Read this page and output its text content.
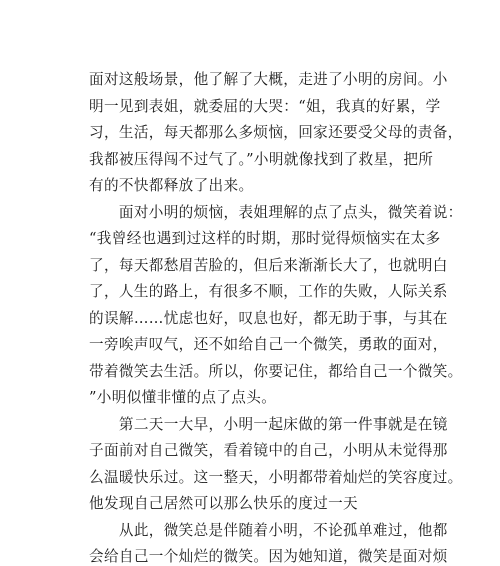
面对这般场景，他了解了大概，走进了小明的房间。小
明一见到表姐，就委屈的大哭：“姐，我真的好累，学
习，生活，每天都那么多烦恼，回家还要受父母的责备，
我都被压得闯不过气了。”小明就像找到了救星，把所
有的不快都释放了出来。
　　面对小明的烦恼，表姐理解的点了点头，微笑着说：
“我曾经也遇到过这样的时期，那时觉得烦恼实在太多
了，每天都愁眉苦脸的，但后来渐渐长大了，也就明白
了，人生的路上，有很多不顺，工作的失败，人际关系
的误解……忧虑也好，叹息也好，都无助于事，与其在
一旁唉声叹气，还不如给自己一个微笑，勇敢的面对，
带着微笑去生活。所以，你要记住，都给自己一个微笑。
”小明似懂非懂的点了点头。
　　第二天一大早，小明一起床做的第一件事就是在镜
子面前对自己微笑，看着镜中的自己，小明从未觉得那
么温暖快乐过。这一整天，小明都带着灿烂的笑容度过。
他发现自己居然可以那么快乐的度过一天
　　从此，微笑总是伴随着小明，不论孤单难过，他都
会给自己一个灿烂的微笑。因为她知道，微笑是面对烦
